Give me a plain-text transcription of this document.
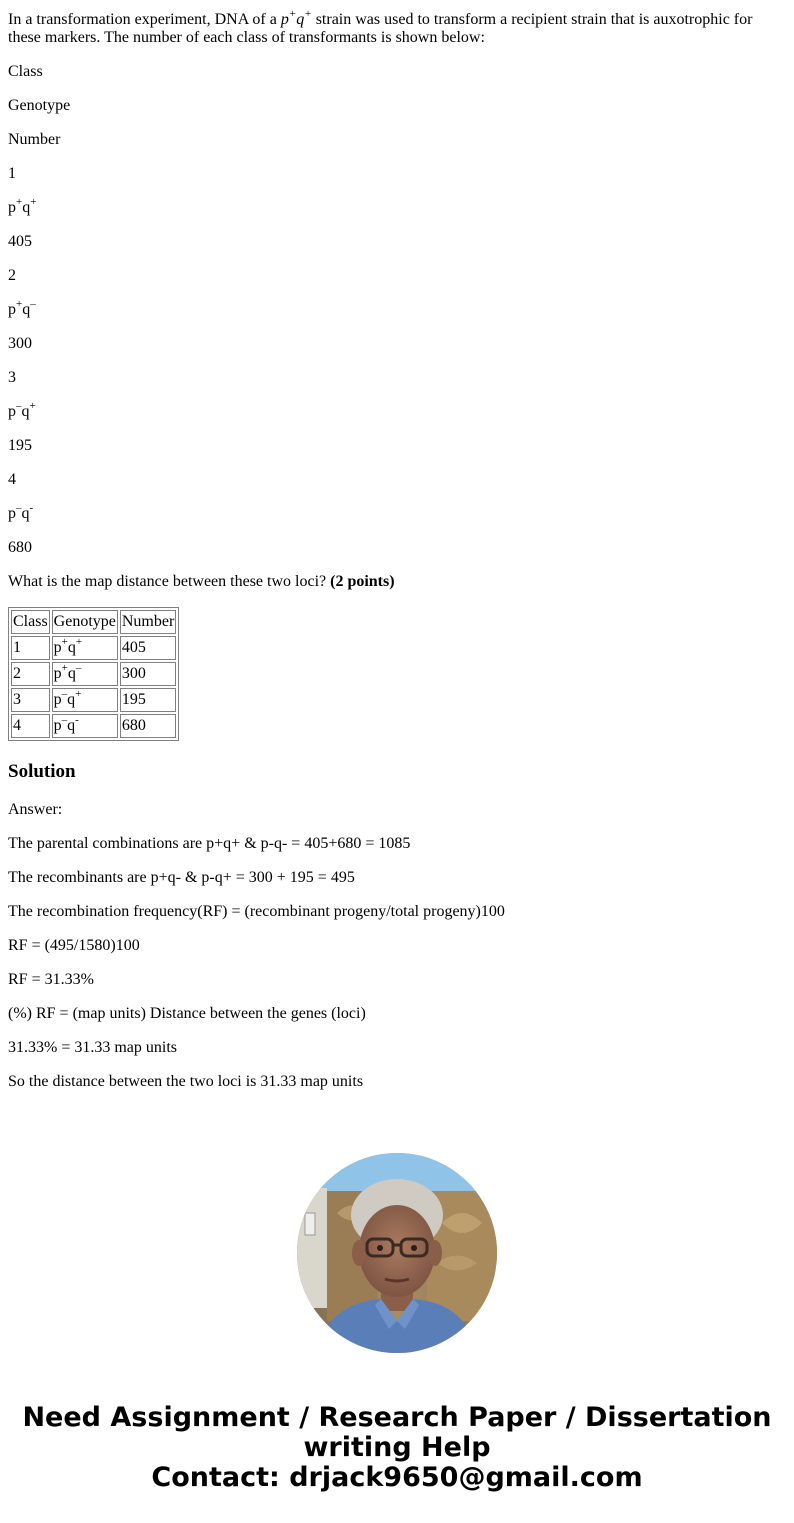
In a transformation experiment, DNA of a p+q+ strain was used to transform a recipient strain that is auxotrophic for these markers. The number of each class of transformants is shown below:

Class

Genotype

Number

1

p+q+

405

2

p+q–

300

3

p–q+

195

4

p–q-

680

What is the map distance between these two loci? (2 points)

Class	Genotype	Number
1	p+q+	405
2	p+q–	300
3	p–q+	195
4	p–q-	680
Solution

Answer:

The parental combinations are p+q+ & p-q- = 405+680 = 1085

The recombinants are p+q- & p-q+ = 300 + 195 = 495

The recombination frequency(RF) = (recombinant progeny/total progeny)100

RF = (495/1580)100

RF = 31.33%

(%) RF = (map units) Distance between the genes (loci)

31.33% = 31.33 map units

So the distance between the two loci is 31.33 map units

Need Assignment / Research Paper / Dissertation
writing Help
Contact: drjack9650@gmail.com
